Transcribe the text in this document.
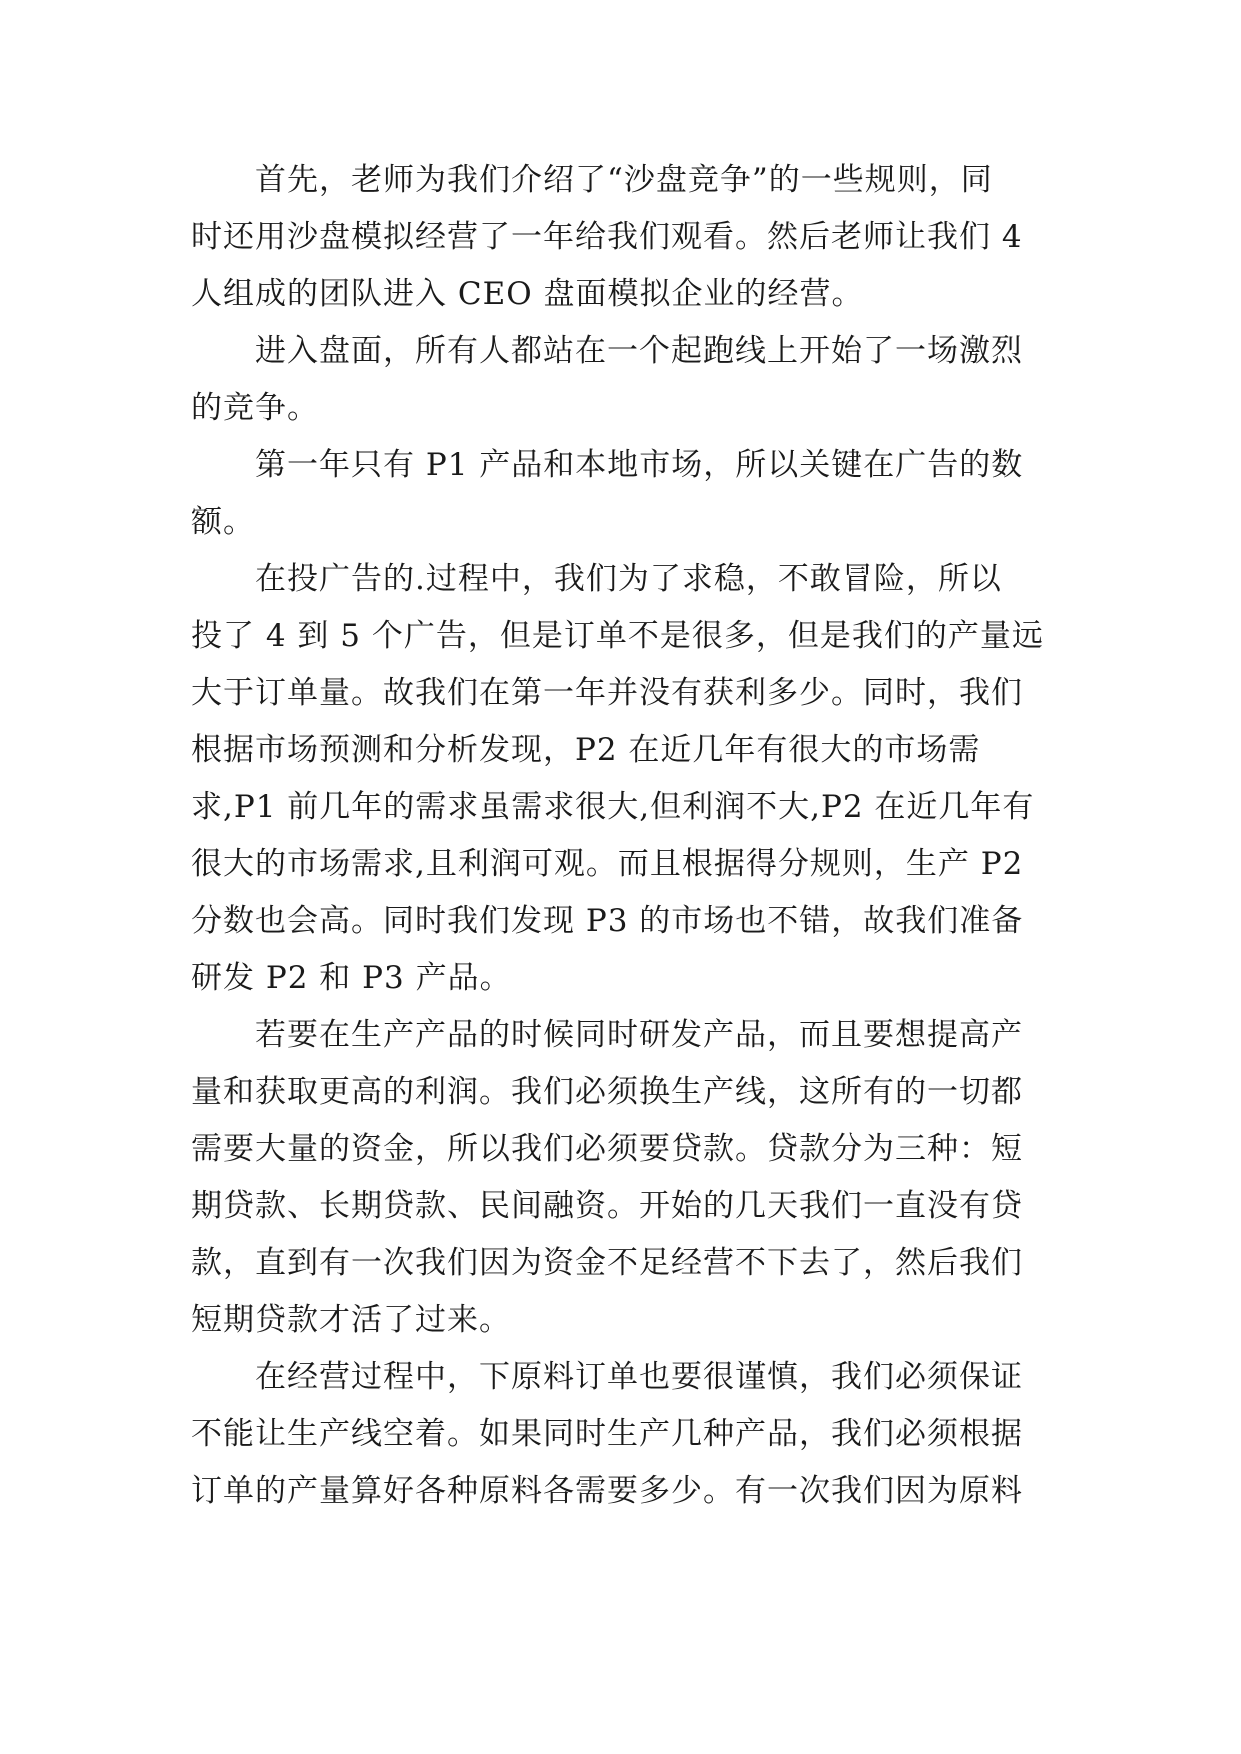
　　首先，老师为我们介绍了“沙盘竞争”的一些规则，同
时还用沙盘模拟经营了一年给我们观看。然后老师让我们 4
人组成的团队进入 CEO 盘面模拟企业的经营。
　　进入盘面，所有人都站在一个起跑线上开始了一场激烈
的竞争。
　　第一年只有 P1 产品和本地市场，所以关键在广告的数
额。
　　在投广告的.过程中，我们为了求稳，不敢冒险，所以
投了 4 到 5 个广告，但是订单不是很多，但是我们的产量远
大于订单量。故我们在第一年并没有获利多少。同时，我们
根据市场预测和分析发现，P2 在近几年有很大的市场需
求,P1 前几年的需求虽需求很大,但利润不大,P2 在近几年有
很大的市场需求,且利润可观。而且根据得分规则，生产 P2
分数也会高。同时我们发现 P3 的市场也不错，故我们准备
研发 P2 和 P3 产品。
　　若要在生产产品的时候同时研发产品，而且要想提高产
量和获取更高的利润。我们必须换生产线，这所有的一切都
需要大量的资金，所以我们必须要贷款。贷款分为三种：短
期贷款、长期贷款、民间融资。开始的几天我们一直没有贷
款，直到有一次我们因为资金不足经营不下去了，然后我们
短期贷款才活了过来。
　　在经营过程中，下原料订单也要很谨慎，我们必须保证
不能让生产线空着。如果同时生产几种产品，我们必须根据
订单的产量算好各种原料各需要多少。有一次我们因为原料
